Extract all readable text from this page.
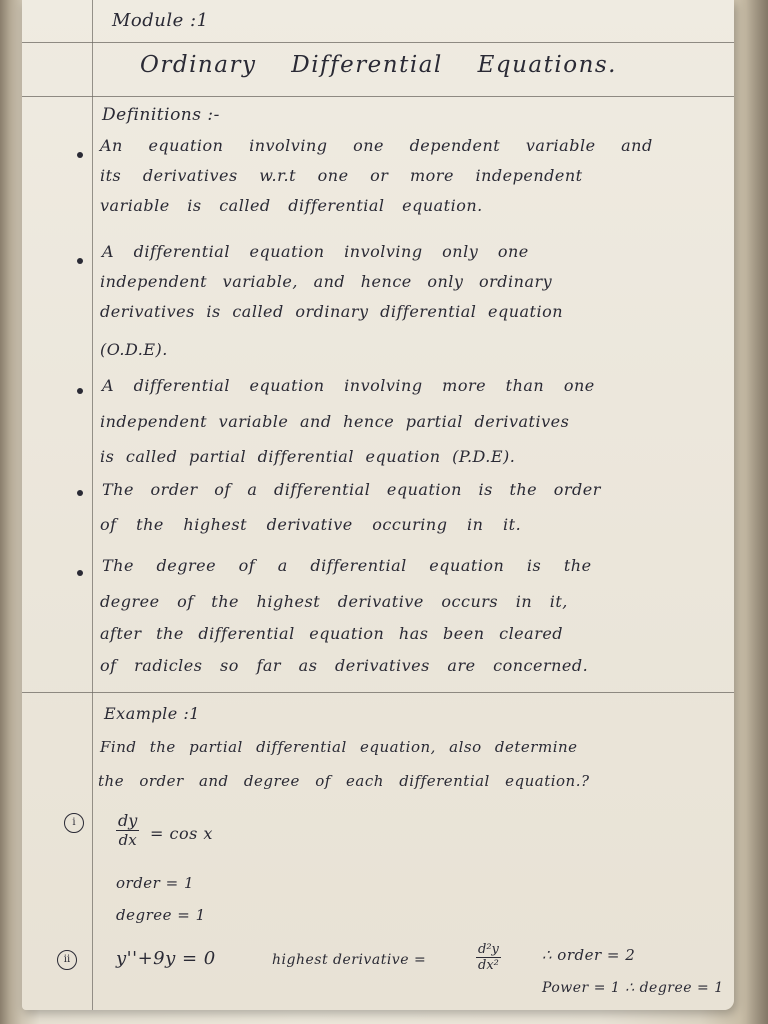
Module :1
Ordinary Differential Equations.
Definitions :-
An equation involving one dependent variable and
its derivatives w.r.t one or more independent
variable is called differential equation.
A differential equation involving only one
independent variable, and hence only ordinary
derivatives is called ordinary differential equation
(O.D.E).
A differential equation involving more than one
independent variable and hence partial derivatives
is called partial differential equation (P.D.E).
The order of a differential equation is the order
of the highest derivative occuring in it.
The degree of a differential equation is the
degree of the highest derivative occurs in it,
after the differential equation has been cleared
of radicles so far as derivatives are concerned.
Example :1
Find the partial differential equation, also determine
the order and degree of each differential equation.?
i	$\frac{dy}{dx} = \cos x$
order = 1
degree = 1
ii	y''+9y = 0	highest derivative =	$\frac{\text{d²y}}{\text{dx²}}$	∴ order = 2
Power = 1 ∴ degree = 1
